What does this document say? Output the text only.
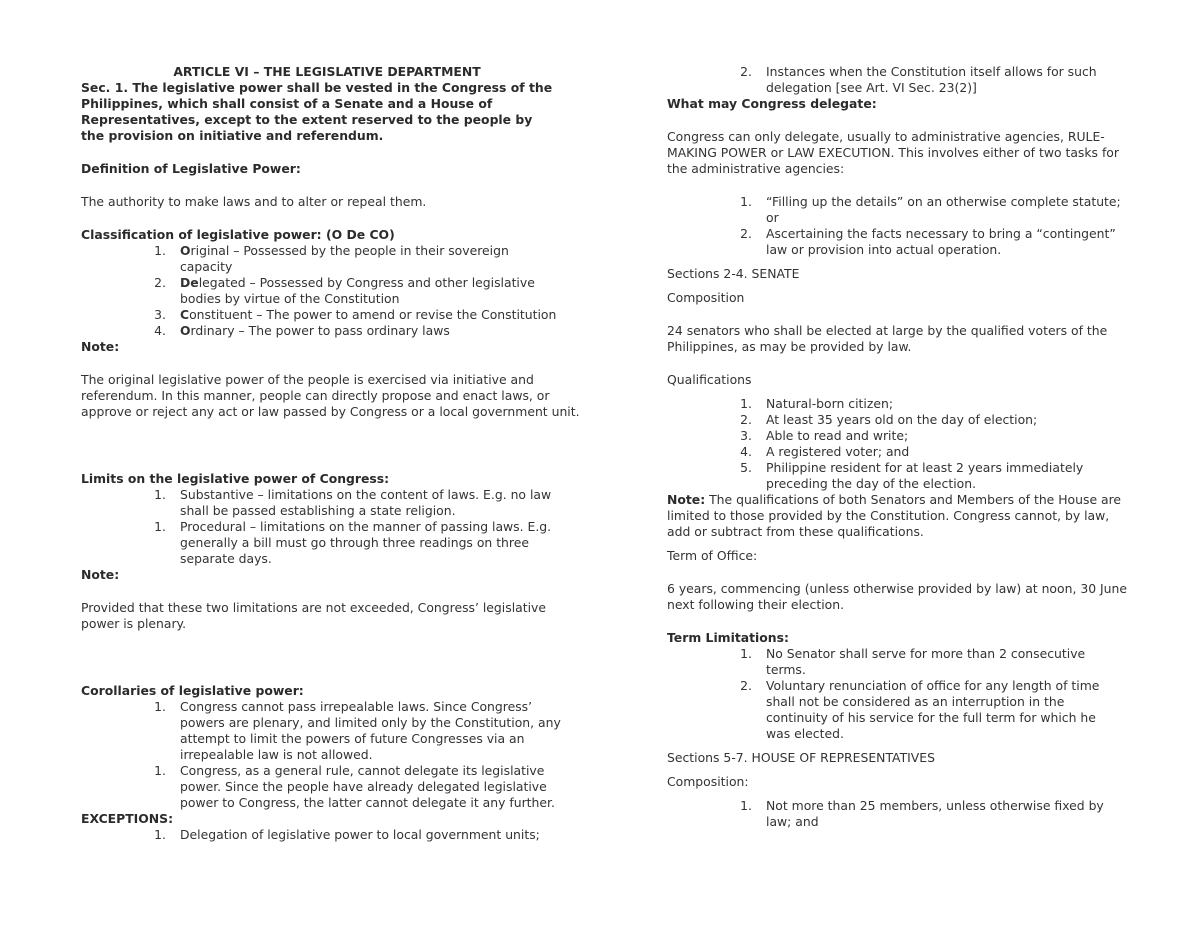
ARTICLE VI – THE LEGISLATIVE DEPARTMENT
Sec. 1. The legislative power shall be vested in the Congress of the Philippines, which shall consist of a Senate and a House of Representatives, except to the extent reserved to the people by the provision on initiative and referendum.
Definition of Legislative Power:
The authority to make laws and to alter or repeal them.
Classification of legislative power: (O De CO)
1. Original – Possessed by the people in their sovereign capacity
2. Delegated – Possessed by Congress and other legislative bodies by virtue of the Constitution
3. Constituent – The power to amend or revise the Constitution
4. Ordinary – The power to pass ordinary laws
Note:
The original legislative power of the people is exercised via initiative and referendum. In this manner, people can directly propose and enact laws, or approve or reject any act or law passed by Congress or a local government unit.
Limits on the legislative power of Congress:
1. Substantive – limitations on the content of laws. E.g. no law shall be passed establishing a state religion.
1. Procedural – limitations on the manner of passing laws. E.g. generally a bill must go through three readings on three separate days.
Note:
Provided that these two limitations are not exceeded, Congress’ legislative power is plenary.
Corollaries of legislative power:
1. Congress cannot pass irrepealable laws. Since Congress’ powers are plenary, and limited only by the Constitution, any attempt to limit the powers of future Congresses via an irrepealable law is not allowed.
1. Congress, as a general rule, cannot delegate its legislative power. Since the people have already delegated legislative power to Congress, the latter cannot delegate it any further.
EXCEPTIONS:
1. Delegation of legislative power to local government units;
2. Instances when the Constitution itself allows for such delegation [see Art. VI Sec. 23(2)]
What may Congress delegate:
Congress can only delegate, usually to administrative agencies, RULE-MAKING POWER or LAW EXECUTION. This involves either of two tasks for the administrative agencies:
1. “Filling up the details” on an otherwise complete statute; or
2. Ascertaining the facts necessary to bring a “contingent” law or provision into actual operation.
Sections 2-4. SENATE
Composition
24 senators who shall be elected at large by the qualified voters of the Philippines, as may be provided by law.
Qualifications
1. Natural-born citizen;
2. At least 35 years old on the day of election;
3. Able to read and write;
4. A registered voter; and
5. Philippine resident for at least 2 years immediately preceding the day of the election.
Note: The qualifications of both Senators and Members of the House are limited to those provided by the Constitution. Congress cannot, by law, add or subtract from these qualifications.
Term of Office:
6 years, commencing (unless otherwise provided by law) at noon, 30 June next following their election.
Term Limitations:
1. No Senator shall serve for more than 2 consecutive terms.
2. Voluntary renunciation of office for any length of time shall not be considered as an interruption in the continuity of his service for the full term for which he was elected.
Sections 5-7. HOUSE OF REPRESENTATIVES
Composition:
1. Not more than 25 members, unless otherwise fixed by law; and
